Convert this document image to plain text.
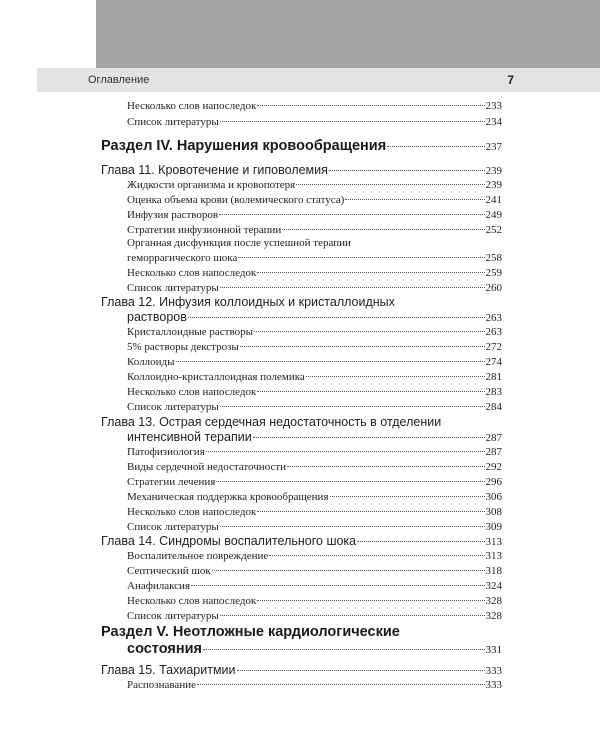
Оглавление	7
Несколько слов напоследок	233
Список литературы	234
Раздел IV. Нарушения кровообращения	237
Глава 11. Кровотечение и гиповолемия	239
Жидкости организма и кровопотеря	239
Оценка объема крови (волемического статуса)	241
Инфузия растворов	249
Стратегии инфузионной терапии	252
Органная дисфункция после успешной терапии
геморрагического шока	258
Несколько слов напоследок	259
Список литературы	260
Глава 12. Инфузия коллоидных и кристаллоидных
растворов	263
Кристаллоидные растворы	263
5% растворы декстрозы	272
Коллоиды	274
Коллоидно-кристаллоидная полемика	281
Несколько слов напоследок	283
Список литературы	284
Глава 13. Острая сердечная недостаточность в отделении
интенсивной терапии	287
Патофизиология	287
Виды сердечной недостаточности	292
Стратегии лечения	296
Механическая поддержка кровообращения	306
Несколько слов напоследок	308
Список литературы	309
Глава 14. Синдромы воспалительного шока	313
Воспалительное повреждение	313
Септический шок	318
Анафилаксия	324
Несколько слов напоследок	328
Список литературы	328
Раздел V. Неотложные кардиологические
состояния	331
Глава 15. Тахиаритмии	333
Распознавание	333
